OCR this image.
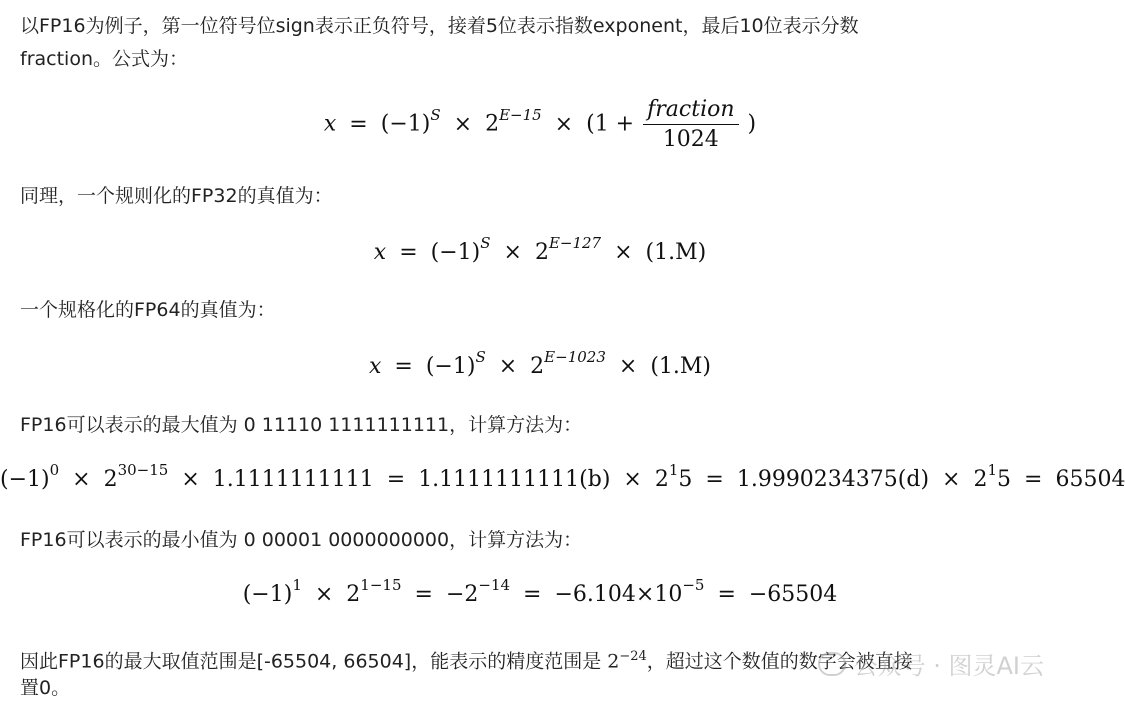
以FP16为例子，第一位符号位sign表示正负符号，接着5位表示指数exponent，最后10位表示分数

fraction。公式为：

$x = (-1)^S \times 2^{E-15} \times (1 + \frac{\text{fraction}}{1024}$ )

同理，一个规则化的FP32的真值为：

$x = (-1)^S \times 2^{E-127} \times (1.M)$

一个规格化的FP64的真值为：

$x = (-1)^S \times 2^{E-1023} \times (1.M)$

FP16可以表示的最大值为 0 11110 1111111111，计算方法为：

$(-1)^0 \times 2^{30-15} \times 1.1111111111 = 1.1111111111(b) \times 2^15 = 1.9990234375(d) \times 2^15 = 65504$

FP16可以表示的最小值为 0 00001 0000000000，计算方法为：

$(-1)^1 \times 2^{1-15} = -2^{-14} = -6.104\times 10^{-5} = -65504$

因此FP16的最大取值范围是[-65504, 66504]，能表示的精度范围是 $2^{-24}$，超过这个数值的数字会被直接

置0。

公众号 · 图灵AI云
